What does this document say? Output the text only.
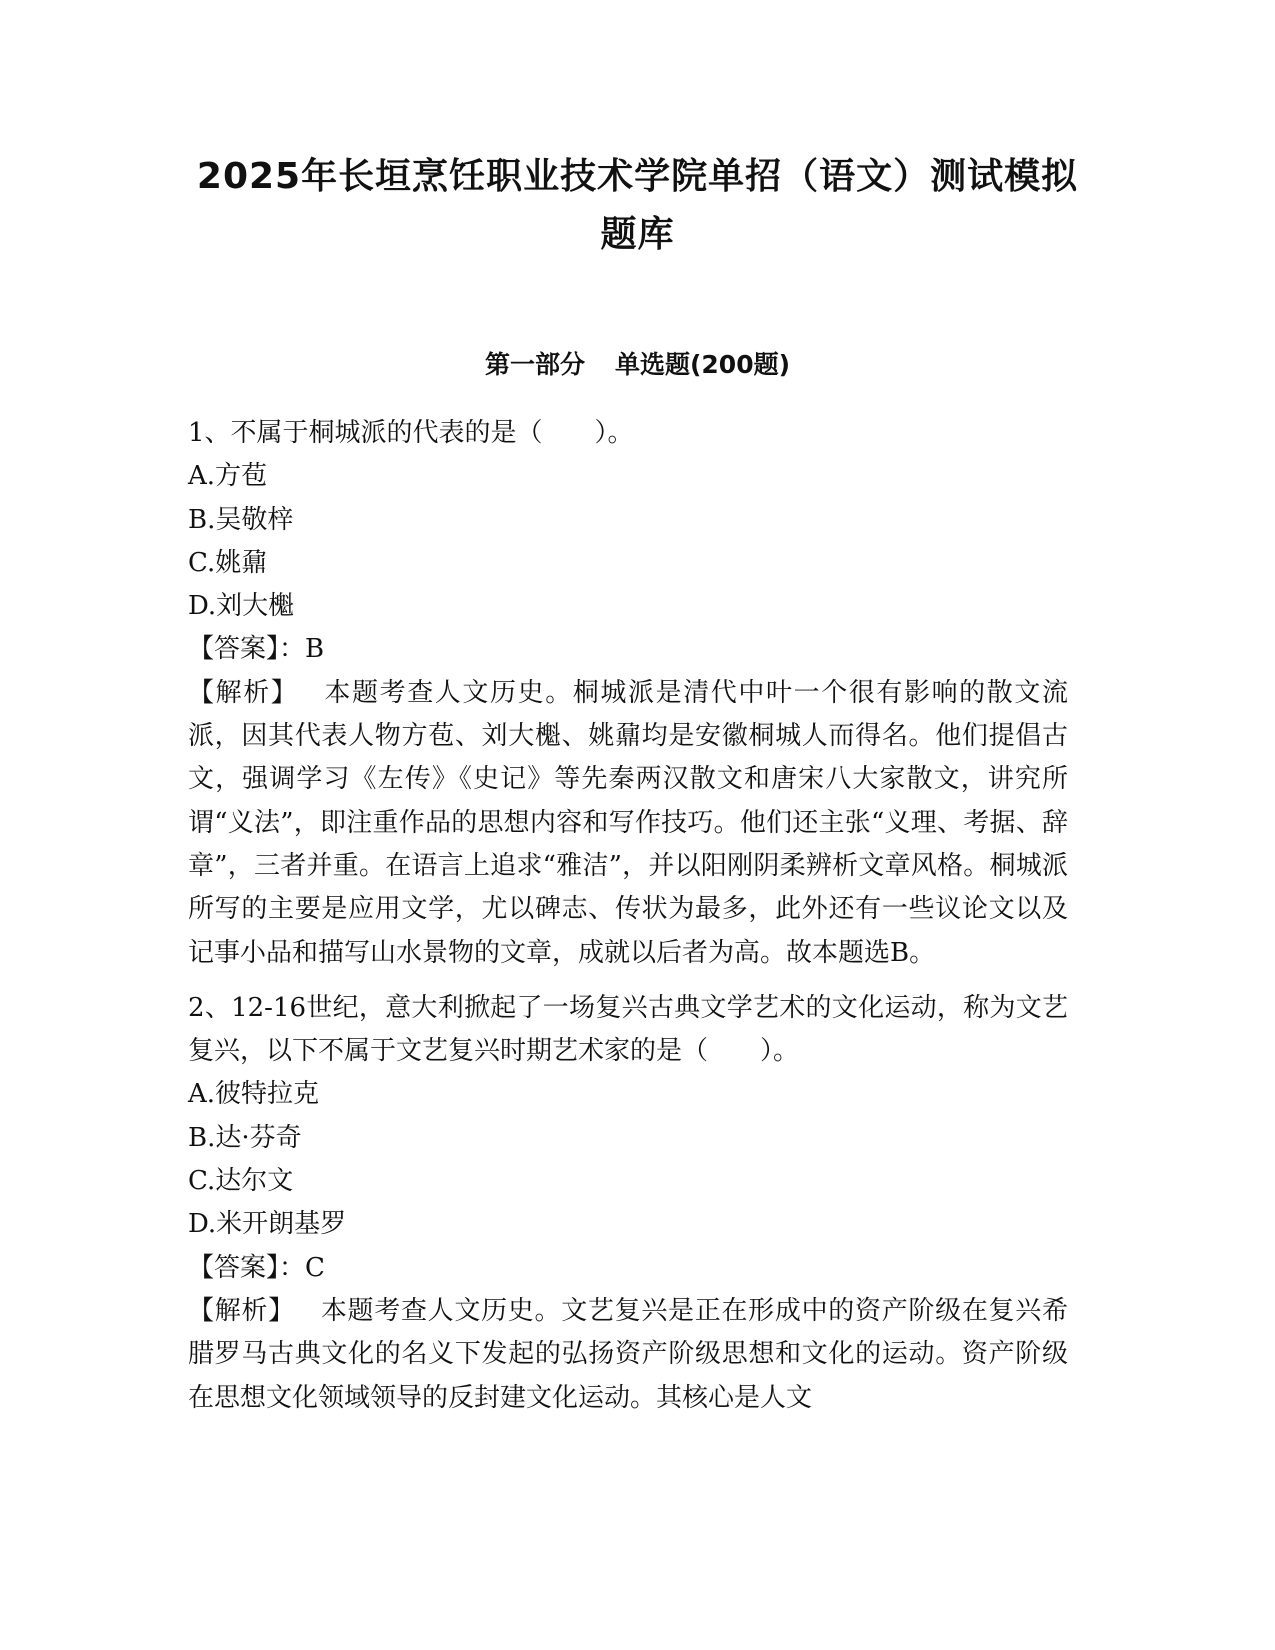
2025年长垣烹饪职业技术学院单招（语文）测试模拟
题库
第一部分 单选题(200题)

1、不属于桐城派的代表的是（　　）。

A.方苞

B.吴敬梓

C.姚鼐

D.刘大櫆

【答案】：B

【解析】 本题考查人文历史。桐城派是清代中叶一个很有影响的散文流派，因其代表人物方苞、刘大櫆、姚鼐均是安徽桐城人而得名。他们提倡古文，强调学习《左传》《史记》等先秦两汉散文和唐宋八大家散文，讲究所谓“义法”，即注重作品的思想内容和写作技巧。他们还主张“义理、考据、辞章”，三者并重。在语言上追求“雅洁”，并以阳刚阴柔辨析文章风格。桐城派所写的主要是应用文学，尤以碑志、传状为最多，此外还有一些议论文以及记事小品和描写山水景物的文章，成就以后者为高。故本题选B。

2、12-16世纪，意大利掀起了一场复兴古典文学艺术的文化运动，称为文艺复兴，以下不属于文艺复兴时期艺术家的是（　　）。

A.彼特拉克

B.达·芬奇

C.达尔文

D.米开朗基罗

【答案】：C

【解析】 本题考查人文历史。文艺复兴是正在形成中的资产阶级在复兴希腊罗马古典文化的名义下发起的弘扬资产阶级思想和文化的运动。资产阶级在思想文化领域领导的反封建文化运动。其核心是人文
